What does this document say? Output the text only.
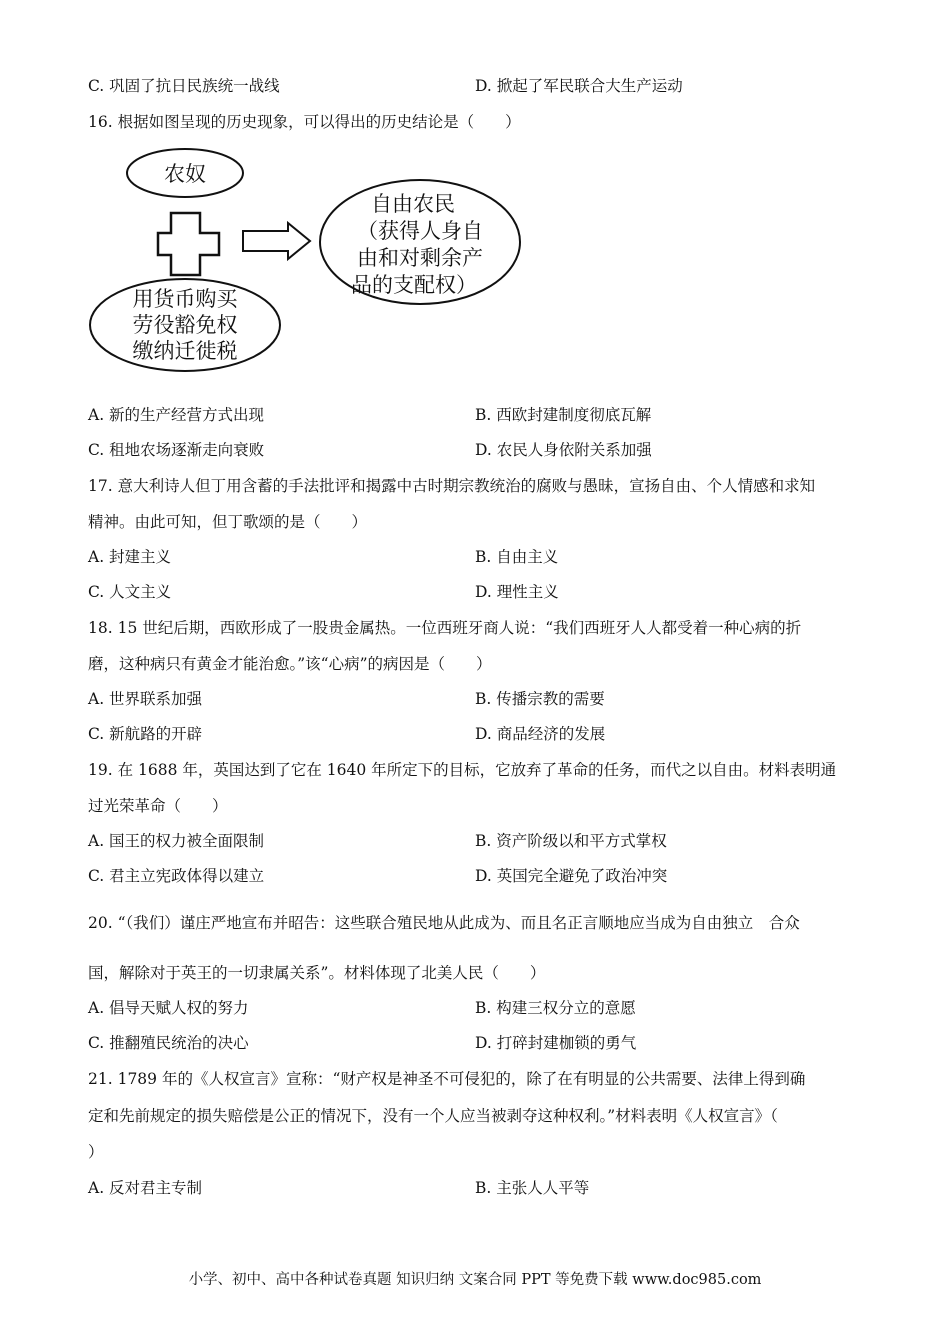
C. 巩固了抗日民族统一战线	D. 掀起了军民联合大生产运动
16. 根据如图呈现的历史现象，可以得出的历史结论是（　　）
农奴
用货币购买
劳役豁免权
缴纳迁徙税
自由农民
（获得人身自
由和对剩余产
品的支配权）
A. 新的生产经营方式出现	B. 西欧封建制度彻底瓦解
C. 租地农场逐渐走向衰败	D. 农民人身依附关系加强
17. 意大利诗人但丁用含蓄的手法批评和揭露中古时期宗教统治的腐败与愚昧，宣扬自由、个人情感和求知
精神。由此可知，但丁歌颂的是（　　）
A. 封建主义	B. 自由主义
C. 人文主义	D. 理性主义
18. 15 世纪后期，西欧形成了一股贵金属热。一位西班牙商人说：“我们西班牙人人都受着一种心病的折
磨，这种病只有黄金才能治愈。”该“心病”的病因是（　　）
A. 世界联系加强	B. 传播宗教的需要
C. 新航路的开辟	D. 商品经济的发展
19. 在 1688 年，英国达到了它在 1640 年所定下的目标，它放弃了革命的任务，而代之以自由。材料表明通
过光荣革命（　　）
A. 国王的权力被全面限制	B. 资产阶级以和平方式掌权
C. 君主立宪政体得以建立	D. 英国完全避免了政治冲突
20. “（我们）谨庄严地宣布并昭告：这些联合殖民地从此成为、而且名正言顺地应当成为自由独立　合众
国，解除对于英王的一切隶属关系”。材料体现了北美人民（　　）
A. 倡导天赋人权的努力	B. 构建三权分立的意愿
C. 推翻殖民统治的决心	D. 打碎封建枷锁的勇气
21. 1789 年的《人权宣言》宣称：“财产权是神圣不可侵犯的，除了在有明显的公共需要、法律上得到确
定和先前规定的损失赔偿是公正的情况下，没有一个人应当被剥夺这种权利。”材料表明《人权宣言》（
）
A. 反对君主专制	B. 主张人人平等
小学、初中、高中各种试卷真题 知识归纳 文案合同 PPT 等免费下载 www.doc985.com
